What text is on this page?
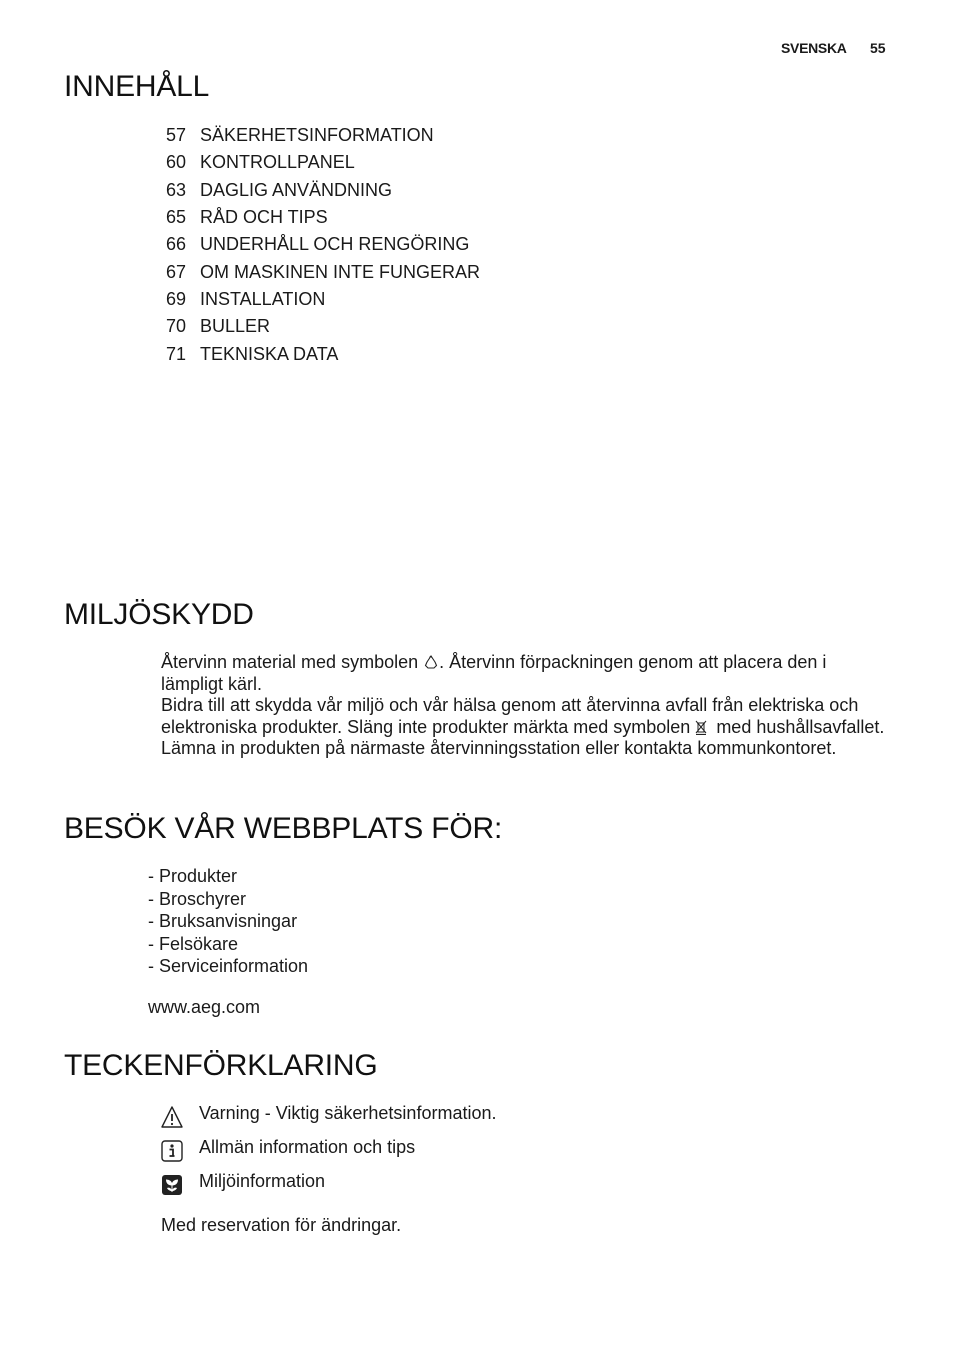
SVENSKA 55
INNEHÅLL
57 SÄKERHETSINFORMATION
60 KONTROLLPANEL
63 DAGLIG ANVÄNDNING
65 RÅD OCH TIPS
66 UNDERHÅLL OCH RENGÖRING
67 OM MASKINEN INTE FUNGERAR
69 INSTALLATION
70 BULLER
71 TEKNISKA DATA
MILJÖSKYDD
Återvinn material med symbolen . Återvinn förpackningen genom att placera den i lämpligt kärl.
Bidra till att skydda vår miljö och vår hälsa genom att återvinna avfall från elektriska och elektroniska produkter. Släng inte produkter märkta med symbolen med hushållsavfallet. Lämna in produkten på närmaste återvinningsstation eller kontakta kommunkontoret.
BESÖK VÅR WEBBPLATS FÖR:
- Produkter
- Broschyrer
- Bruksanvisningar
- Felsökare
- Serviceinformation
www.aeg.com
TECKENFÖRKLARING
Varning - Viktig säkerhetsinformation.
Allmän information och tips
Miljöinformation
Med reservation för ändringar.
